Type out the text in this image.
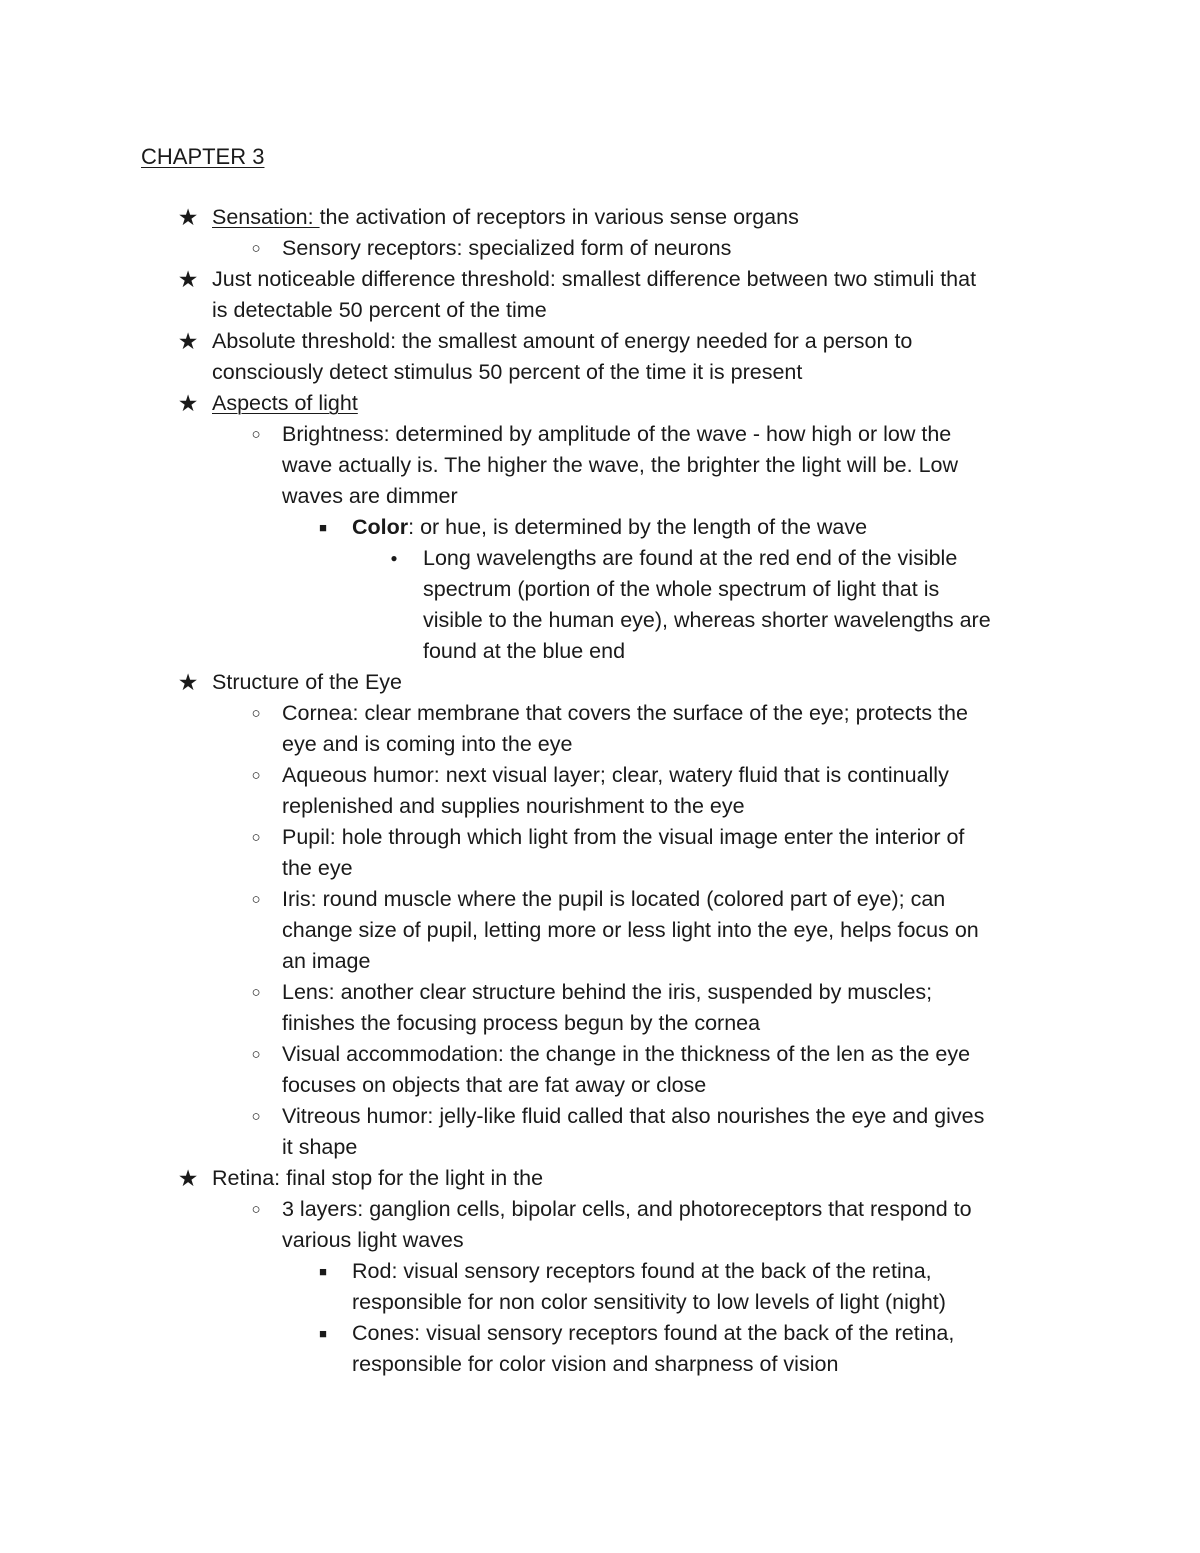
CHAPTER 3
★ Sensation: the activation of receptors in various sense organs
○ Sensory receptors: specialized form of neurons
★ Just noticeable difference threshold: smallest difference between two stimuli that
is detectable 50 percent of the time
★ Absolute threshold: the smallest amount of energy needed for a person to
consciously detect stimulus 50 percent of the time it is present
★ Aspects of light
○ Brightness: determined by amplitude of the wave - how high or low the
wave actually is. The higher the wave, the brighter the light will be. Low
waves are dimmer
■ Color: or hue, is determined by the length of the wave
● Long wavelengths are found at the red end of the visible
spectrum (portion of the whole spectrum of light that is
visible to the human eye), whereas shorter wavelengths are
found at the blue end
★ Structure of the Eye
○ Cornea: clear membrane that covers the surface of the eye; protects the
eye and is coming into the eye
○ Aqueous humor: next visual layer; clear, watery fluid that is continually
replenished and supplies nourishment to the eye
○ Pupil: hole through which light from the visual image enter the interior of
the eye
○ Iris: round muscle where the pupil is located (colored part of eye); can
change size of pupil, letting more or less light into the eye, helps focus on
an image
○ Lens: another clear structure behind the iris, suspended by muscles;
finishes the focusing process begun by the cornea
○ Visual accommodation: the change in the thickness of the len as the eye
focuses on objects that are fat away or close
○ Vitreous humor: jelly-like fluid called that also nourishes the eye and gives
it shape
★ Retina: final stop for the light in the
○ 3 layers: ganglion cells, bipolar cells, and photoreceptors that respond to
various light waves
■ Rod: visual sensory receptors found at the back of the retina,
responsible for non color sensitivity to low levels of light (night)
■ Cones: visual sensory receptors found at the back of the retina,
responsible for color vision and sharpness of vision
